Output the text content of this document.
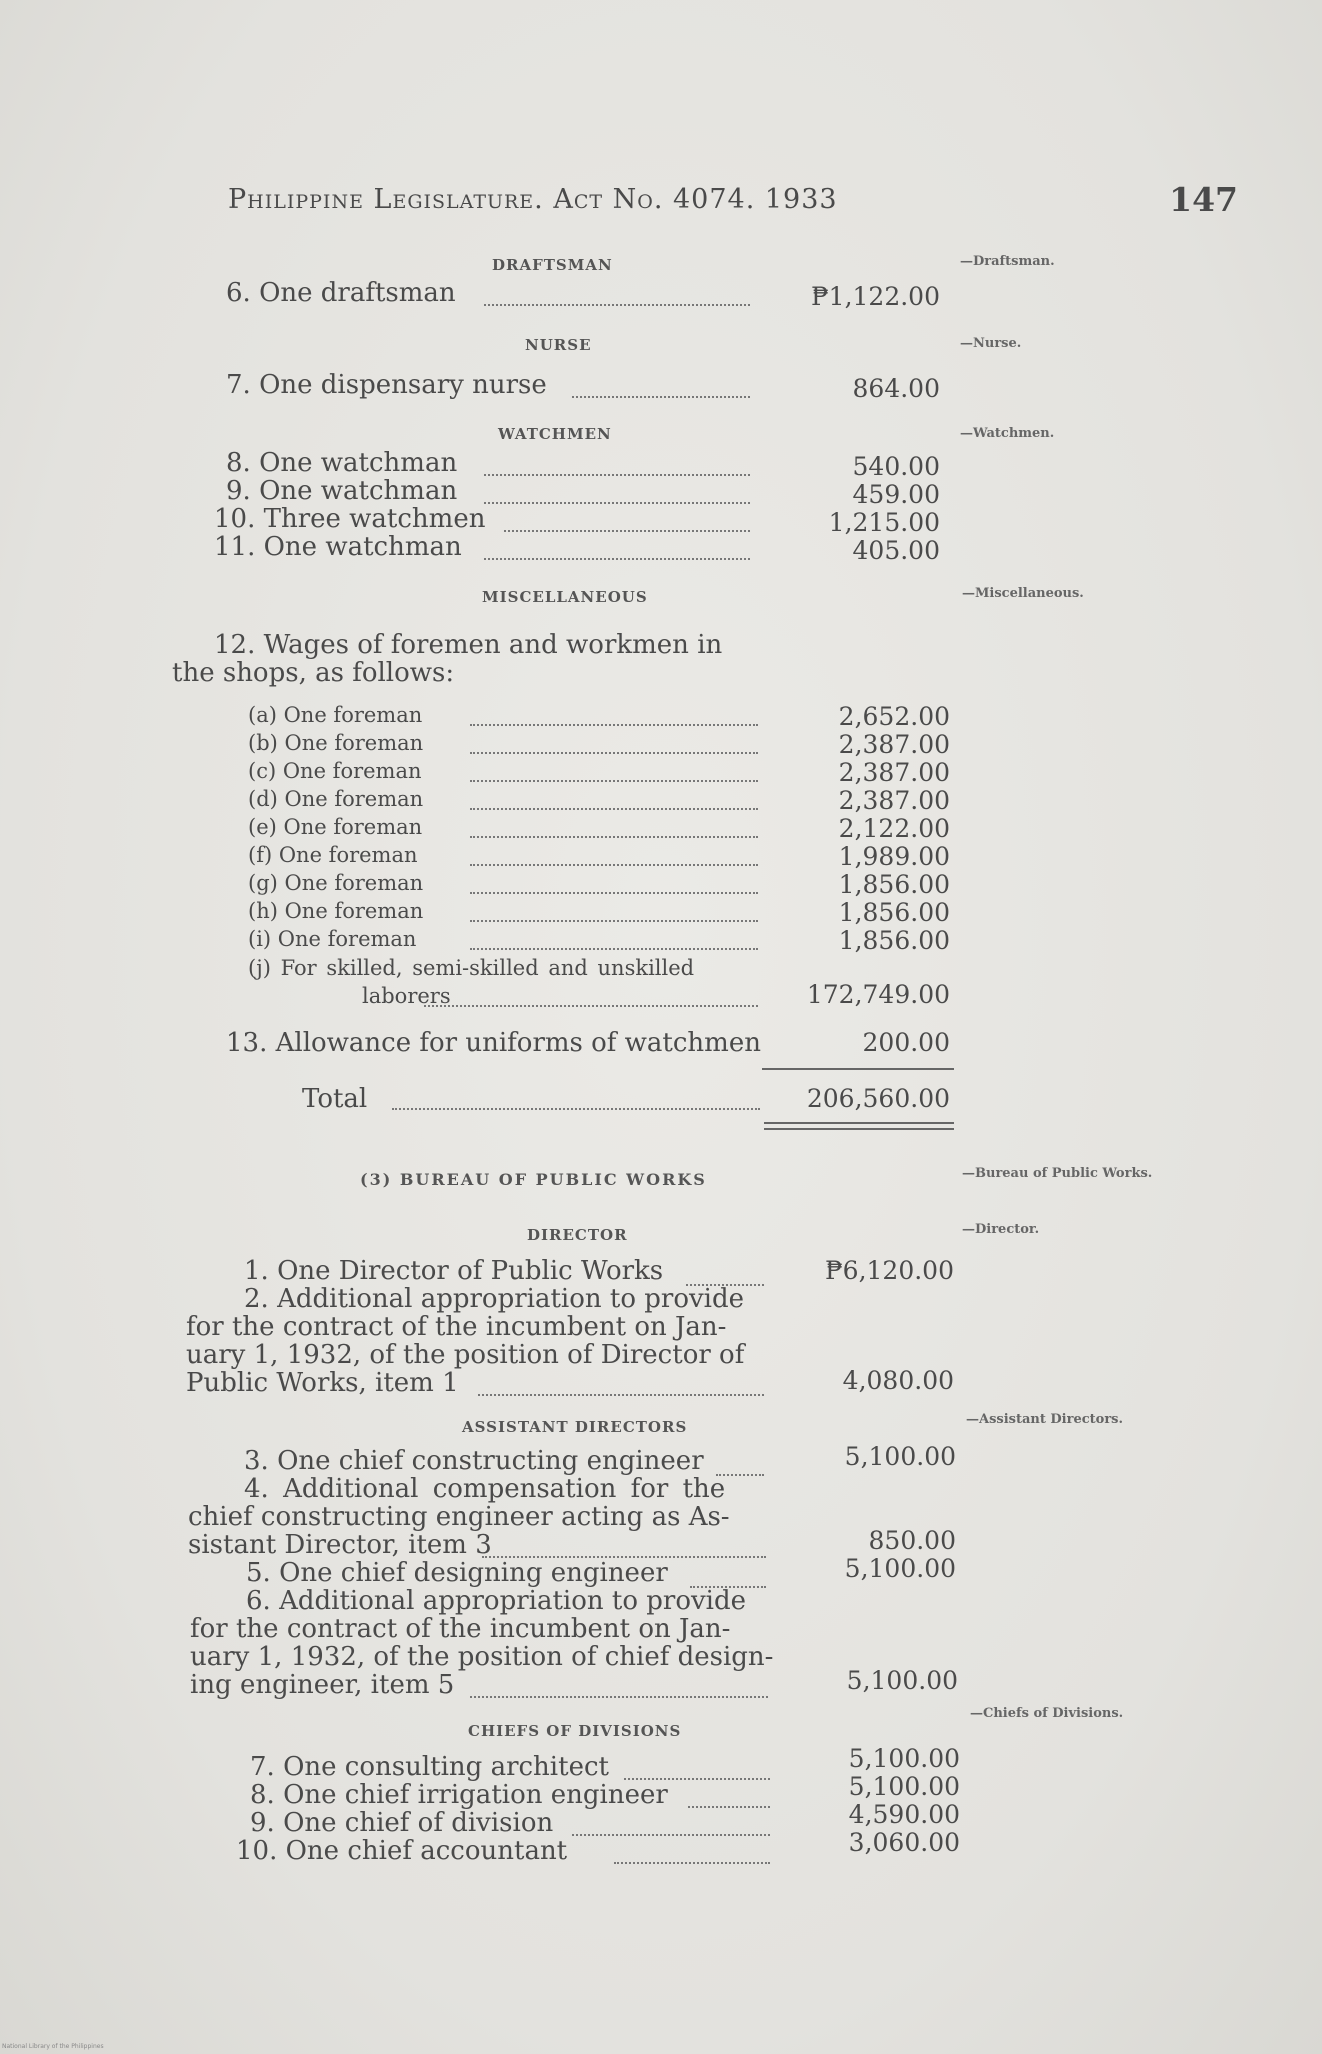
Philippine Legislature. Act No. 4074. 1933	147
DRAFTSMAN	—Draftsman.
6. One draftsman	₱1,122.00
NURSE	—Nurse.
7. One dispensary nurse	864.00
WATCHMEN	—Watchmen.
8. One watchman	540.00
9. One watchman	459.00
10. Three watchmen	1,215.00
11. One watchman	405.00
MISCELLANEOUS	—Miscellaneous.
12. Wages of foremen and workmen in
the shops, as follows:
(a) One foreman	2,652.00
(b) One foreman	2,387.00
(c) One foreman	2,387.00
(d) One foreman	2,387.00
(e) One foreman	2,122.00
(f) One foreman	1,989.00
(g) One foreman	1,856.00
(h) One foreman	1,856.00
(i) One foreman	1,856.00
(j) For skilled, semi-skilled and unskilled
laborers	172,749.00
13. Allowance for uniforms of watchmen	200.00
Total	206,560.00
(3) BUREAU OF PUBLIC WORKS	—Bureau of Public Works.
DIRECTOR	—Director.
1. One Director of Public Works	₱6,120.00
2. Additional appropriation to provide
for the contract of the incumbent on Jan-
uary 1, 1932, of the position of Director of
Public Works, item 1	4,080.00
ASSISTANT DIRECTORS	—Assistant Directors.
3. One chief constructing engineer	5,100.00
4. Additional compensation for the
chief constructing engineer acting as As-
sistant Director, item 3	850.00
5. One chief designing engineer	5,100.00
6. Additional appropriation to provide
for the contract of the incumbent on Jan-
uary 1, 1932, of the position of chief design-
ing engineer, item 5	5,100.00
CHIEFS OF DIVISIONS
—Chiefs of Divisions.
7. One consulting architect	5,100.00
8. One chief irrigation engineer	5,100.00
9. One chief of division	4,590.00
10. One chief accountant	3,060.00
National Library of the Philippines
